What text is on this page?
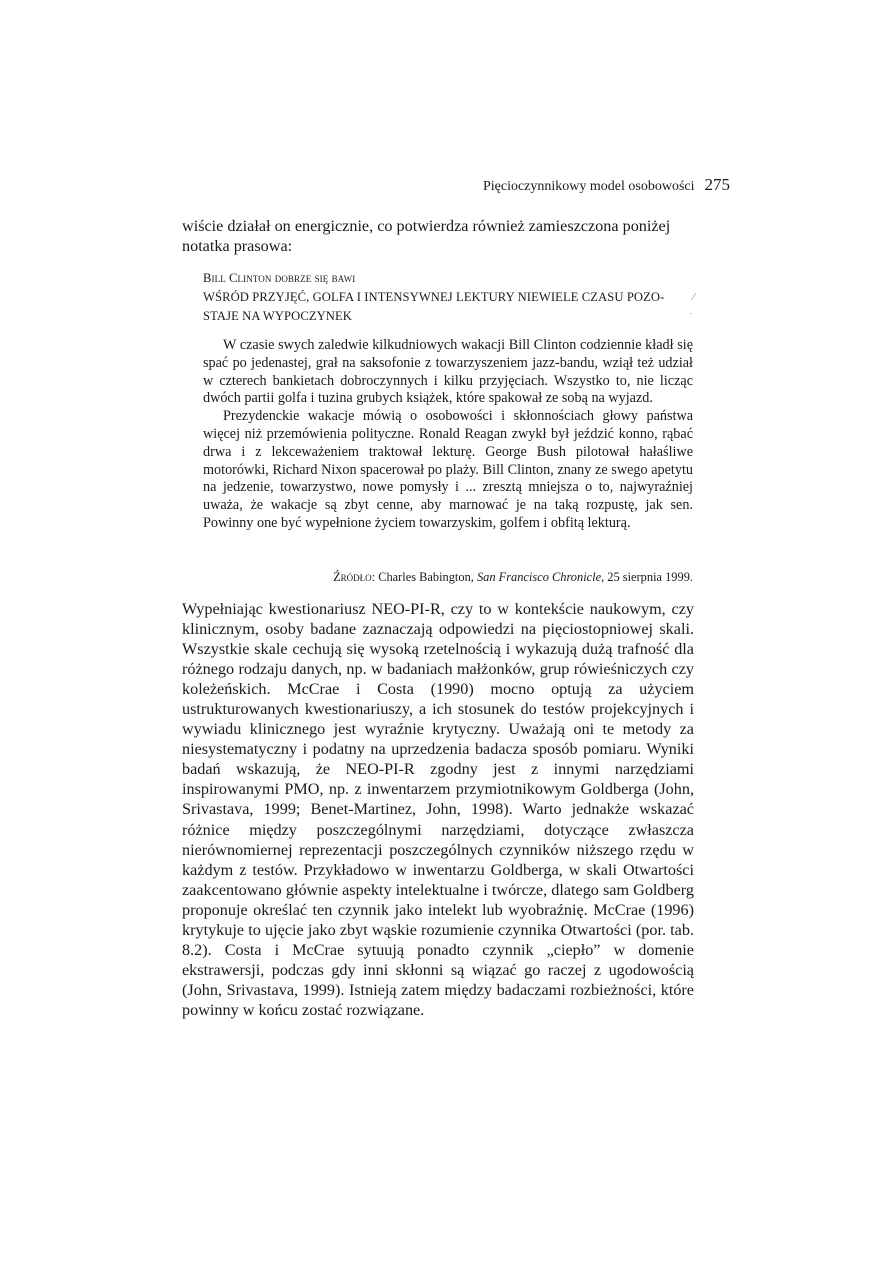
Pięcioczynnikowy model osobowości 275
wiście działał on energicznie, co potwierdza również zamieszczona poniżej notatka prasowa:
Bill Clinton dobrze się bawi
WŚRÓD PRZYJĘĆ, GOLFA I INTENSYWNEJ LEKTURY NIEWIELE CZASU POZO-STAJE NA WYPOCZYNEK

W czasie swych zaledwie kilkudniowych wakacji Bill Clinton codziennie kładł się spać po jedenastej, grał na saksofonie z towarzyszeniem jazz-bandu, wziął też udział w czterech bankietach dobroczynnych i kilku przyjęciach. Wszystko to, nie licząc dwóch partii golfa i tuzina grubych książek, które spakował ze sobą na wyjazd.

Prezydenckie wakacje mówią o osobowości i skłonnościach głowy państwa więcej niż przemówienia polityczne. Ronald Reagan zwykł był jeździć konno, rąbać drwa i z lekceważeniem traktował lekturę. George Bush pilotował hałaśliwe motorówki, Richard Nixon spacerował po plaży. Bill Clinton, znany ze swego apetytu na jedzenie, towarzystwo, nowe pomysły i ... zresztą mniejsza o to, najwyraźniej uważa, że wakacje są zbyt cenne, aby marnować je na taką rozpustę, jak sen. Powinny one być wypełnione życiem towarzyskim, golfem i obfitą lekturą.

Źródło: Charles Babington, San Francisco Chronicle, 25 sierpnia 1999.

Wypełniając kwestionariusz NEO-PI-R, czy to w kontekście naukowym, czy klinicznym, osoby badane zaznaczają odpowiedzi na pięciostopniowej skali. Wszystkie skale cechują się wysoką rzetelnością i wykazują dużą trafność dla różnego rodzaju danych, np. w badaniach małżonków, grup rówieśniczych czy koleżeńskich. McCrae i Costa (1990) mocno optują za użyciem ustrukturowanych kwestionariuszy, a ich stosunek do testów projekcyjnych i wywiadu klinicznego jest wyraźnie krytyczny. Uważają oni te metody za niesystematyczny i podatny na uprzedzenia badacza sposób pomiaru. Wyniki badań wskazują, że NEO-PI-R zgodny jest z innymi narzędziami inspirowanymi PMO, np. z inwentarzem przymiotnikowym Goldberga (John, Srivastava, 1999; Benet-Martinez, John, 1998). Warto jednakże wskazać różnice między poszczególnymi narzędziami, dotyczące zwłaszcza nierównomiernej reprezentacji poszczególnych czynników niższego rzędu w każdym z testów. Przykładowo w inwentarzu Goldberga, w skali Otwartości zaakcentowano głównie aspekty intelektualne i twórcze, dlatego sam Goldberg proponuje określać ten czynnik jako intelekt lub wyobraźnię. McCrae (1996) krytykuje to ujęcie jako zbyt wąskie rozumienie czynnika Otwartości (por. tab. 8.2). Costa i McCrae sytuują ponadto czynnik „ciepło” w domenie ekstrawersji, podczas gdy inni skłonni są wiązać go raczej z ugodowością (John, Srivastava, 1999). Istnieją zatem między badaczami rozbieżności, które powinny w końcu zostać rozwiązane.

⁄
·
